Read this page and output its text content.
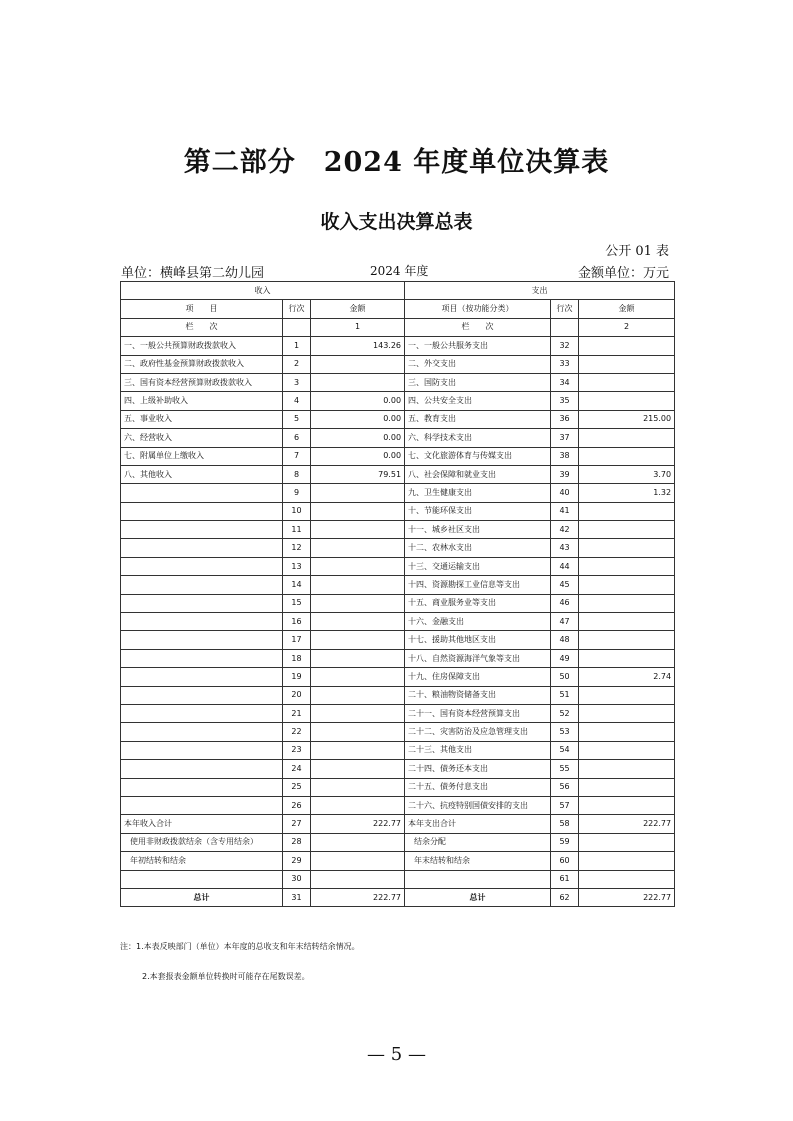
第二部分　2024 年度单位决算表
收入支出决算总表
公开 01 表
单位：横峰县第二幼儿园	2024 年度	金额单位：万元
收入			支出		
项　　目	行次	金额	项目（按功能分类）	行次	金额
栏　　次		1	栏　　次		2
一、一般公共预算财政拨款收入	1	143.26	一、一般公共服务支出	32	
二、政府性基金预算财政拨款收入	2		二、外交支出	33	
三、国有资本经营预算财政拨款收入	3		三、国防支出	34	
四、上级补助收入	4	0.00	四、公共安全支出	35	
五、事业收入	5	0.00	五、教育支出	36	215.00
六、经营收入	6	0.00	六、科学技术支出	37	
七、附属单位上缴收入	7	0.00	七、文化旅游体育与传媒支出	38	
八、其他收入	8	79.51	八、社会保障和就业支出	39	3.70
	9		九、卫生健康支出	40	1.32
	10		十、节能环保支出	41	
	11		十一、城乡社区支出	42	
	12		十二、农林水支出	43	
	13		十三、交通运输支出	44	
	14		十四、资源勘探工业信息等支出	45	
	15		十五、商业服务业等支出	46	
	16		十六、金融支出	47	
	17		十七、援助其他地区支出	48	
	18		十八、自然资源海洋气象等支出	49	
	19		十九、住房保障支出	50	2.74
	20		二十、粮油物资储备支出	51	
	21		二十一、国有资本经营预算支出	52	
	22		二十二、灾害防治及应急管理支出	53	
	23		二十三、其他支出	54	
	24		二十四、债务还本支出	55	
	25		二十五、债务付息支出	56	
	26		二十六、抗疫特别国债安排的支出	57	
本年收入合计	27	222.77	本年支出合计	58	222.77
使用非财政拨款结余（含专用结余）	28		结余分配	59	
年初结转和结余	29		年末结转和结余	60	
	30			61	
总计	31	222.77	总计	62	222.77
注：1.本表反映部门（单位）本年度的总收支和年末结转结余情况。
2.本套报表金额单位转换时可能存在尾数误差。
— 5 —
